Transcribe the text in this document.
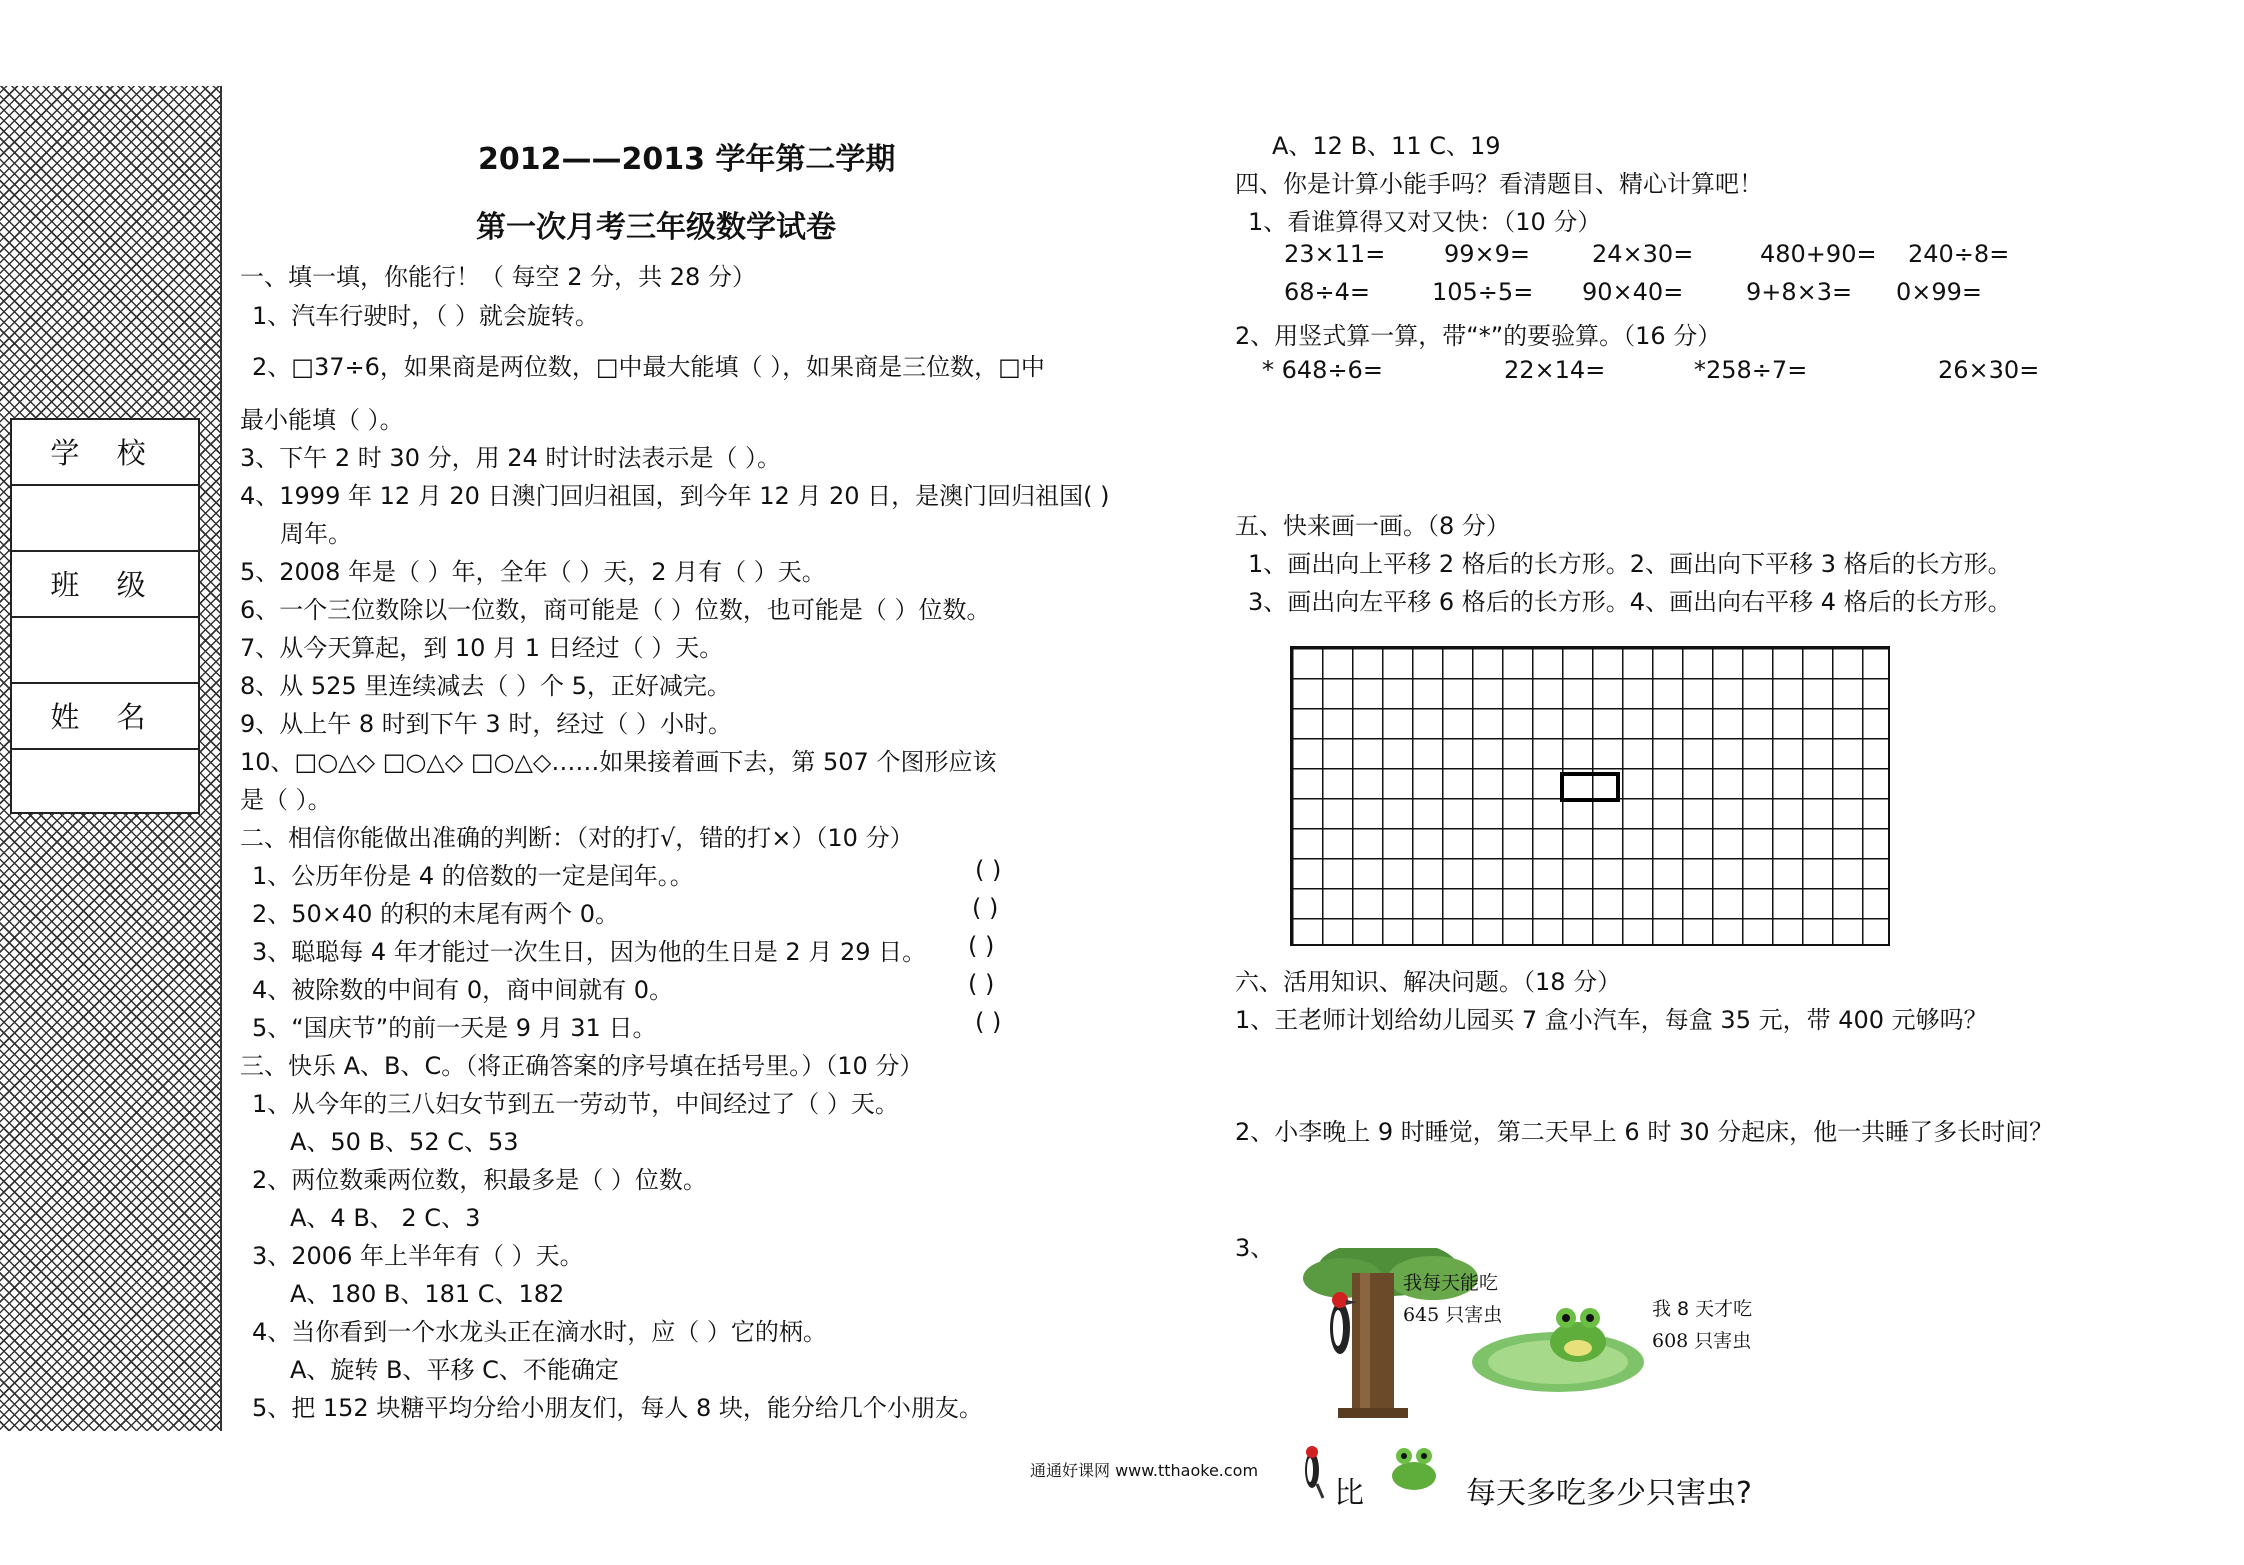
学 校
班 级
姓 名
2012——2013 学年第二学期
第一次月考三年级数学试卷
一、填一填，你能行！（ 每空 2 分，共 28 分）
1、汽车行驶时，（ ）就会旋转。
2、□37÷6，如果商是两位数，□中最大能填（ ），如果商是三位数，□中
最小能填（ ）。
3、下午 2 时 30 分，用 24 时计时法表示是（ ）。
4、1999 年 12 月 20 日澳门回归祖国，到今年 12 月 20 日，是澳门回归祖国( )
周年。
5、2008 年是（ ）年，全年（ ）天，2 月有（ ）天。
6、一个三位数除以一位数，商可能是（ ）位数，也可能是（ ）位数。
7、从今天算起，到 10 月 1 日经过（ ）天。
8、从 525 里连续减去（ ）个 5，正好减完。
9、从上午 8 时到下午 3 时，经过（ ）小时。
10、□○△◇ □○△◇ □○△◇……如果接着画下去，第 507 个图形应该
是（ ）。
二、相信你能做出准确的判断：（对的打√，错的打×）（10 分）
1、公历年份是 4 的倍数的一定是闰年。。	( )
2、50×40 的积的末尾有两个 0。	( )
3、聪聪每 4 年才能过一次生日，因为他的生日是 2 月 29 日。 ( )
4、被除数的中间有 0，商中间就有 0。	( )
5、“国庆节”的前一天是 9 月 31 日。	( )
三、快乐 A、B、C。（将正确答案的序号填在括号里。）（10 分）
1、从今年的三八妇女节到五一劳动节，中间经过了（ ）天。
A、50 B、52 C、53
2、两位数乘两位数，积最多是（ ）位数。
A、4 B、 2 C、3
3、2006 年上半年有（ ）天。
A、180 B、181 C、182
4、当你看到一个水龙头正在滴水时，应（ ）它的柄。
A、旋转 B、平移 C、不能确定
5、把 152 块糖平均分给小朋友们，每人 8 块，能分给几个小朋友。
A、12 B、11 C、19
四、你是计算小能手吗？看清题目、精心计算吧！
1、看谁算得又对又快：（10 分）
23×11= 99×9=	24×30=	480+90= 240÷8=
68÷4=	105÷5= 90×40=	9+8×3= 0×99=
2、用竖式算一算，带“*”的要验算。（16 分）
* 648÷6=	22×14=	*258÷7=	26×30=
五、快来画一画。（8 分）
1、画出向上平移 2 格后的长方形。2、画出向下平移 3 格后的长方形。
3、画出向左平移 6 格后的长方形。4、画出向右平移 4 格后的长方形。
六、活用知识、解决问题。（18 分）
1、王老师计划给幼儿园买 7 盒小汽车，每盒 35 元，带 400 元够吗？
2、小李晚上 9 时睡觉，第二天早上 6 时 30 分起床，他一共睡了多长时间？
3、
我每天能吃
645 只害虫	我 8 天才吃
608 只害虫
通通好课网 www.tthaoke.com
比	每天多吃多少只害虫?
